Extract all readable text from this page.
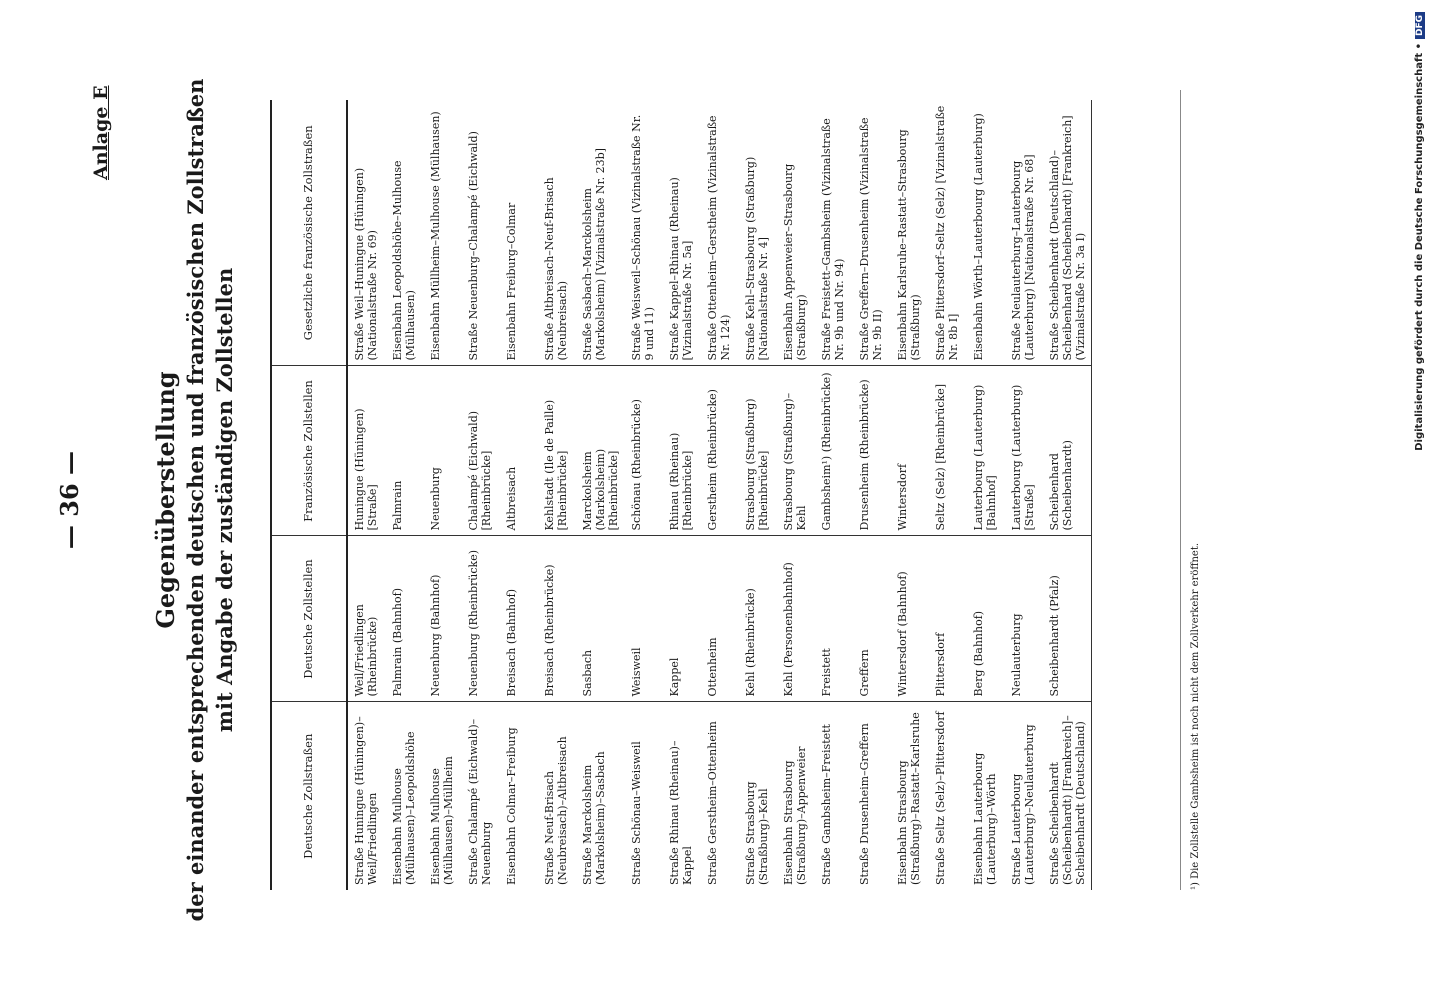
— 36 —
Anlage E
Gegenüberstellung der einander entsprechenden deutschen und französischen Zollstraßen mit Angabe der zuständigen Zollstellen
Deutsche Zollstraßen	Deutsche Zollstellen	Französische Zollstellen	Gesetzliche französische Zollstraßen
Straße Huningue (Hüningen)–Weil/Friedlingen	Weil/Friedlingen (Rheinbrücke)	Huningue (Hüningen) [Straße]	Straße Weil–Huningue (Hüningen) (Nationalstraße Nr. 69)
Eisenbahn Mulhouse (Mülhausen)–Leopoldshöhe	Palmrain (Bahnhof)	Palmrain	Eisenbahn Leopoldshöhe–Mulhouse (Mülhausen)
Eisenbahn Mulhouse (Mülhausen)–Müllheim	Neuenburg (Bahnhof)	Neuenburg	Eisenbahn Müllheim–Mulhouse (Mülhausen)
Straße Chalampé (Eichwald)–Neuenburg	Neuenburg (Rheinbrücke)	Chalampé (Eichwald) [Rheinbrücke]	Straße Neuenburg–Chalampé (Eichwald)
Eisenbahn Colmar–Freiburg	Breisach (Bahnhof)	Altbreisach	Eisenbahn Freiburg–Colmar
Straße Neuf-Brisach (Neubreisach)–Altbreisach	Breisach (Rheinbrücke)	Kehlstadt (Ile de Paille) [Rheinbrücke]	Straße Altbreisach–Neuf-Brisach (Neubreisach)
Straße Marckolsheim (Markolsheim)–Sasbach	Sasbach	Marckolsheim (Markolsheim) [Rheinbrücke]	Straße Sasbach–Marckolsheim (Markolsheim) [Vizinalstraße Nr. 23b]
Straße Schönau–Weisweil	Weisweil	Schönau (Rheinbrücke)	Straße Weisweil–Schönau (Vizinalstraße Nr. 9 und 11)
Straße Rhinau (Rheinau)–Kappel	Kappel	Rhinau (Rheinau) [Rheinbrücke]	Straße Kappel–Rhinau (Rheinau) [Vizinalstraße Nr. 5a]
Straße Gerstheim–Ottenheim	Ottenheim	Gerstheim (Rheinbrücke)	Straße Ottenheim–Gerstheim (Vizinalstraße Nr. 124)
Straße Strasbourg (Straßburg)–Kehl	Kehl (Rheinbrücke)	Strasbourg (Straßburg) [Rheinbrücke]	Straße Kehl–Strasbourg (Straßburg) [Nationalstraße Nr. 4]
Eisenbahn Strasbourg (Straßburg)–Appenweier	Kehl (Personenbahnhof)	Strasbourg (Straßburg)–Kehl	Eisenbahn Appenweier–Strasbourg (Straßburg)
Straße Gambsheim–Freistett	Freistett	Gambsheim¹) (Rheinbrücke)	Straße Freistett–Gambsheim (Vizinalstraße Nr. 9b und Nr. 94)
Straße Drusenheim–Greffern	Greffern	Drusenheim (Rheinbrücke)	Straße Greffern–Drusenheim (Vizinalstraße Nr. 9b II)
Eisenbahn Strasbourg (Straßburg)–Rastatt–Karlsruhe	Wintersdorf (Bahnhof)	Wintersdorf	Eisenbahn Karlsruhe–Rastatt–Strasbourg (Straßburg)
Straße Seltz (Selz)–Plittersdorf	Plittersdorf	Seltz (Selz) [Rheinbrücke]	Straße Plittersdorf–Seltz (Selz) [Vizinalstraße Nr. 8b I]
Eisenbahn Lauterbourg (Lauterburg)–Wörth	Berg (Bahnhof)	Lauterbourg (Lauterburg) [Bahnhof]	Eisenbahn Wörth–Lauterbourg (Lauterburg)
Straße Lauterbourg (Lauterburg)–Neulauterburg	Neulauterburg	Lauterbourg (Lauterburg) [Straße]	Straße Neulauterburg–Lauterbourg (Lauterburg) [Nationalstraße Nr. 68]
Straße Scheibenhardt (Scheibenhardt) [Frankreich]–Scheibenhardt (Deutschland)	Scheibenhardt (Pfalz)	Scheibenhard (Scheibenhardt)	Straße Scheibenhardt (Deutschland)–Scheibenhard (Scheibenhardt) [Frankreich] (Vizinalstraße Nr. 3a I)
¹) Die Zollstelle Gambsheim ist noch nicht dem Zollverkehr eröffnet.
Digitalisierung gefördert durch die Deutsche Forschungsgemeinschaft •DFG
